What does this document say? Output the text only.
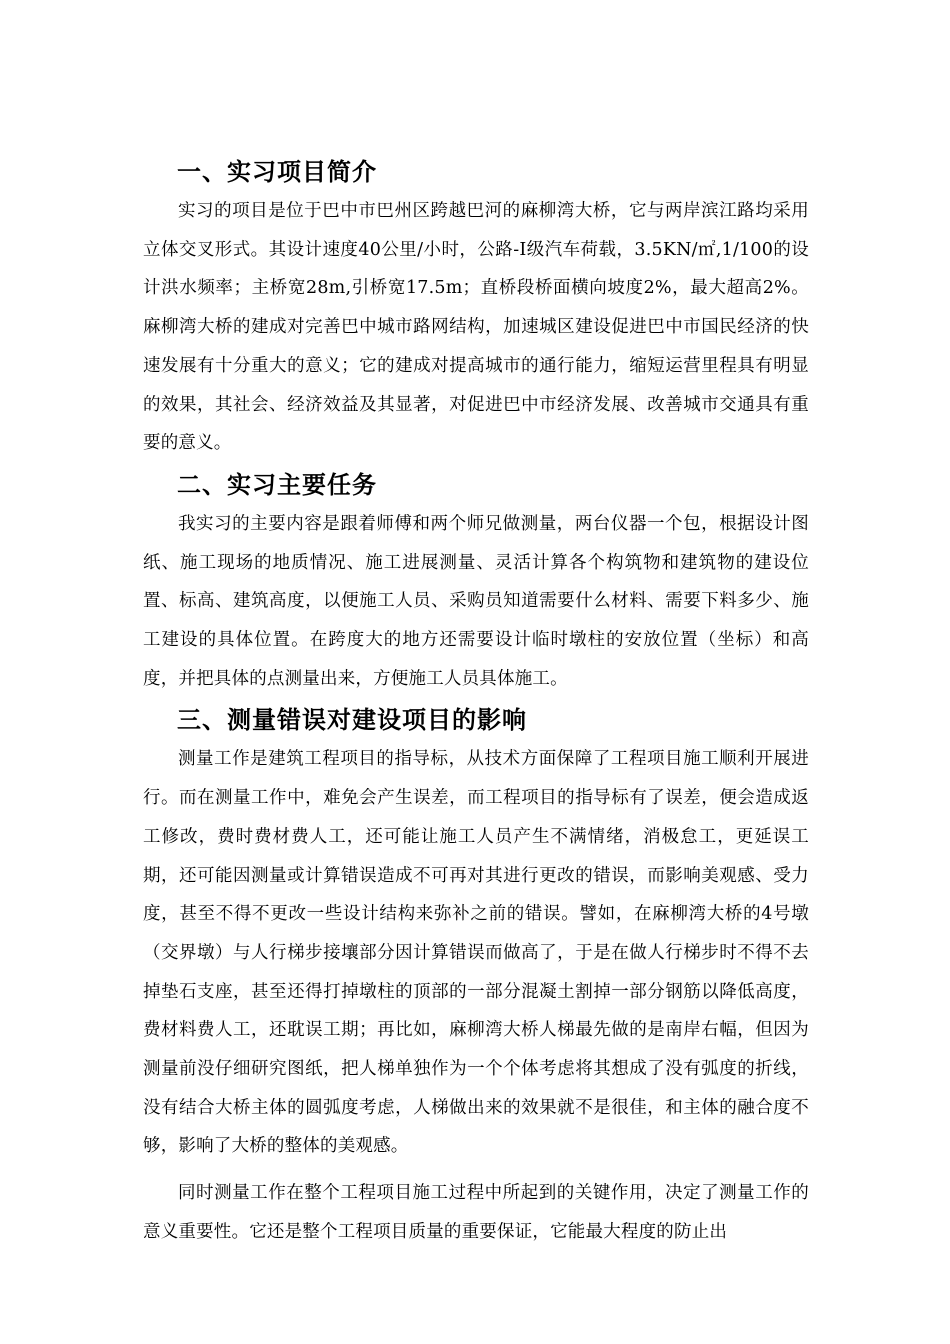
一、实习项目简介

实习的项目是位于巴中市巴州区跨越巴河的麻柳湾大桥，它与两岸滨江路均采用立体交叉形式。其设计速度40公里/小时，公路-I级汽车荷载，3.5KN/㎡,1/100的设计洪水频率；主桥宽28m,引桥宽17.5m；直桥段桥面横向坡度2%，最大超高2%。麻柳湾大桥的建成对完善巴中城市路网结构，加速城区建设促进巴中市国民经济的快速发展有十分重大的意义；它的建成对提高城市的通行能力，缩短运营里程具有明显的效果，其社会、经济效益及其显著，对促进巴中市经济发展、改善城市交通具有重要的意义。

二、实习主要任务

我实习的主要内容是跟着师傅和两个师兄做测量，两台仪器一个包，根据设计图纸、施工现场的地质情况、施工进展测量、灵活计算各个构筑物和建筑物的建设位置、标高、建筑高度，以便施工人员、采购员知道需要什么材料、需要下料多少、施工建设的具体位置。在跨度大的地方还需要设计临时墩柱的安放位置（坐标）和高度，并把具体的点测量出来，方便施工人员具体施工。

三、测量错误对建设项目的影响

测量工作是建筑工程项目的指导标，从技术方面保障了工程项目施工顺利开展进行。而在测量工作中，难免会产生误差，而工程项目的指导标有了误差，便会造成返工修改，费时费材费人工，还可能让施工人员产生不满情绪，消极怠工，更延误工期，还可能因测量或计算错误造成不可再对其进行更改的错误，而影响美观感、受力度，甚至不得不更改一些设计结构来弥补之前的错误。譬如，在麻柳湾大桥的4号墩（交界墩）与人行梯步接壤部分因计算错误而做高了，于是在做人行梯步时不得不去掉垫石支座，甚至还得打掉墩柱的顶部的一部分混凝土割掉一部分钢筋以降低高度，费材料费人工，还耽误工期；再比如，麻柳湾大桥人梯最先做的是南岸右幅，但因为测量前没仔细研究图纸，把人梯单独作为一个个体考虑将其想成了没有弧度的折线，没有结合大桥主体的圆弧度考虑，人梯做出来的效果就不是很佳，和主体的融合度不够，影响了大桥的整体的美观感。

同时测量工作在整个工程项目施工过程中所起到的关键作用，决定了测量工作的意义重要性。它还是整个工程项目质量的重要保证，它能最大程度的防止出
